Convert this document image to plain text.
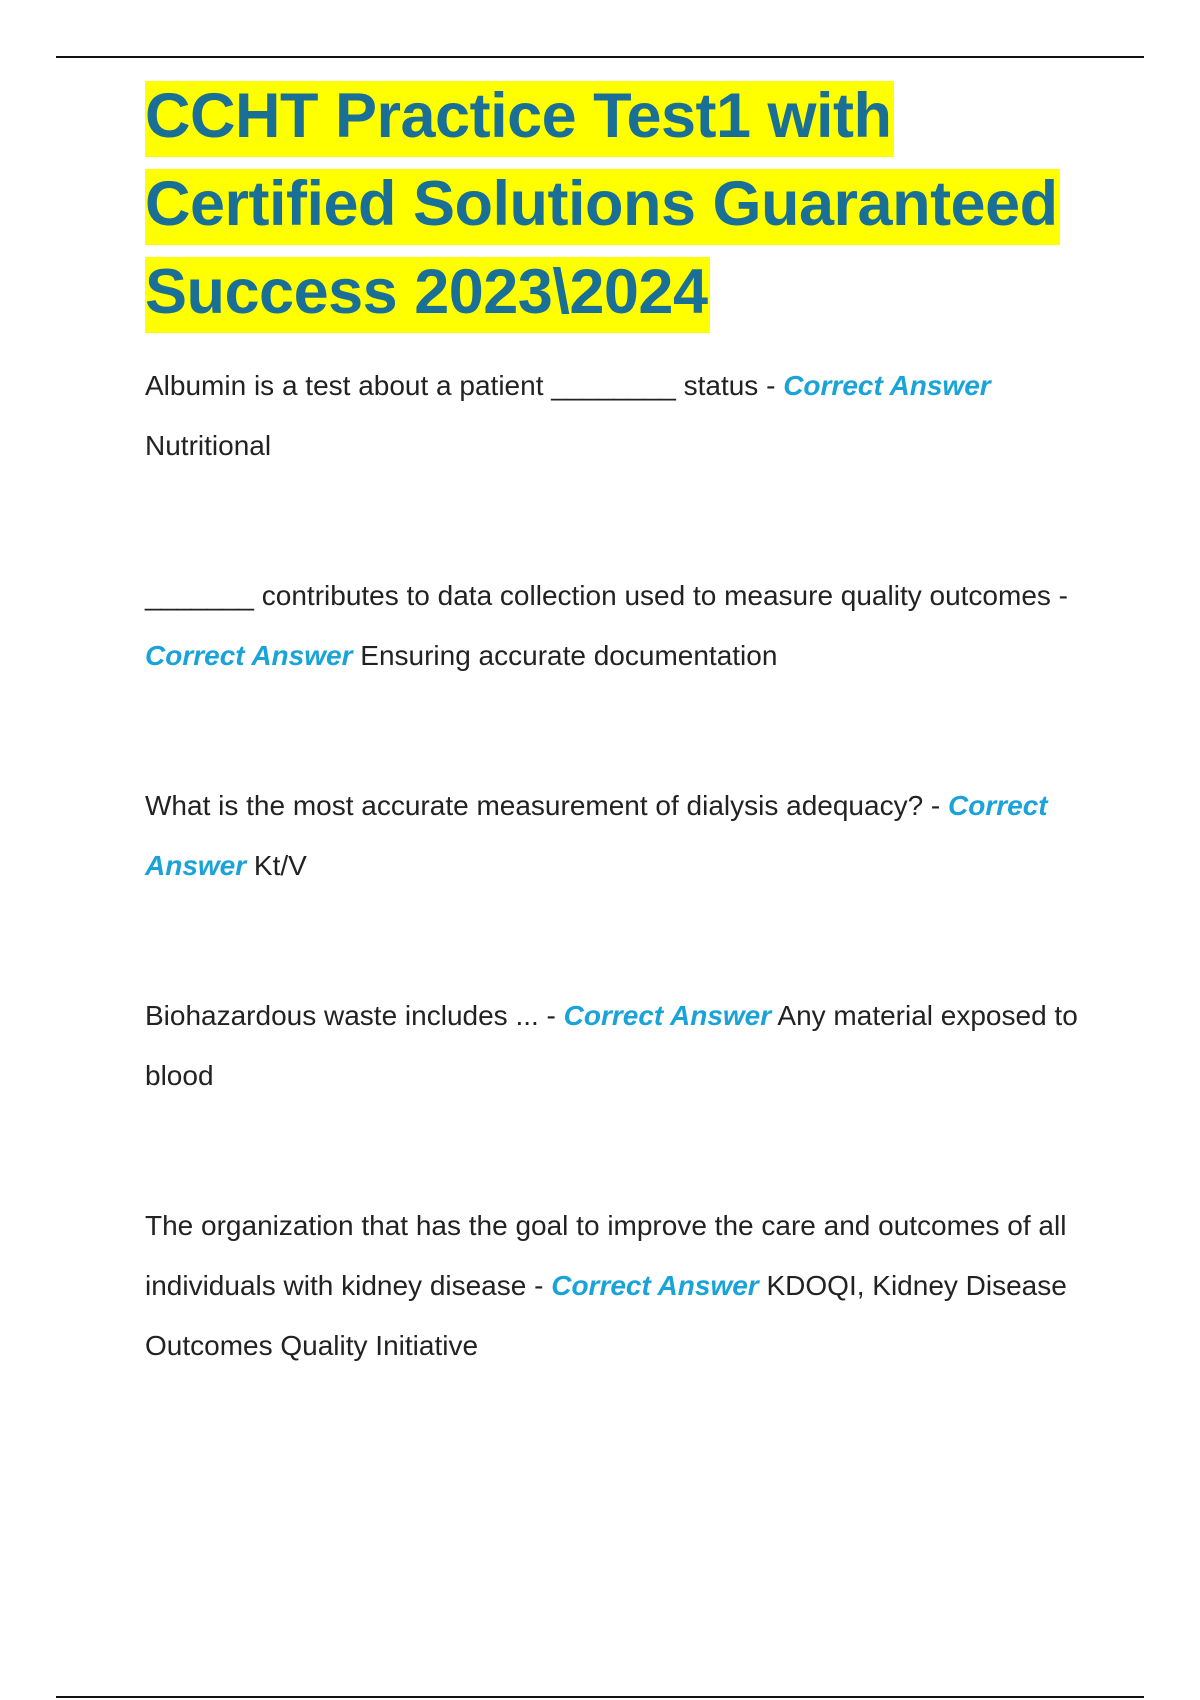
CCHT Practice Test1 with Certified Solutions Guaranteed Success 2023\2024

Albumin is a test about a patient ________ status - Correct Answer Nutritional

_______ contributes to data collection used to measure quality outcomes - Correct Answer Ensuring accurate documentation

What is the most accurate measurement of dialysis adequacy? - Correct Answer Kt/V

Biohazardous waste includes ... - Correct Answer Any material exposed to blood

The organization that has the goal to improve the care and outcomes of all individuals with kidney disease - Correct Answer KDOQI, Kidney Disease Outcomes Quality Initiative
